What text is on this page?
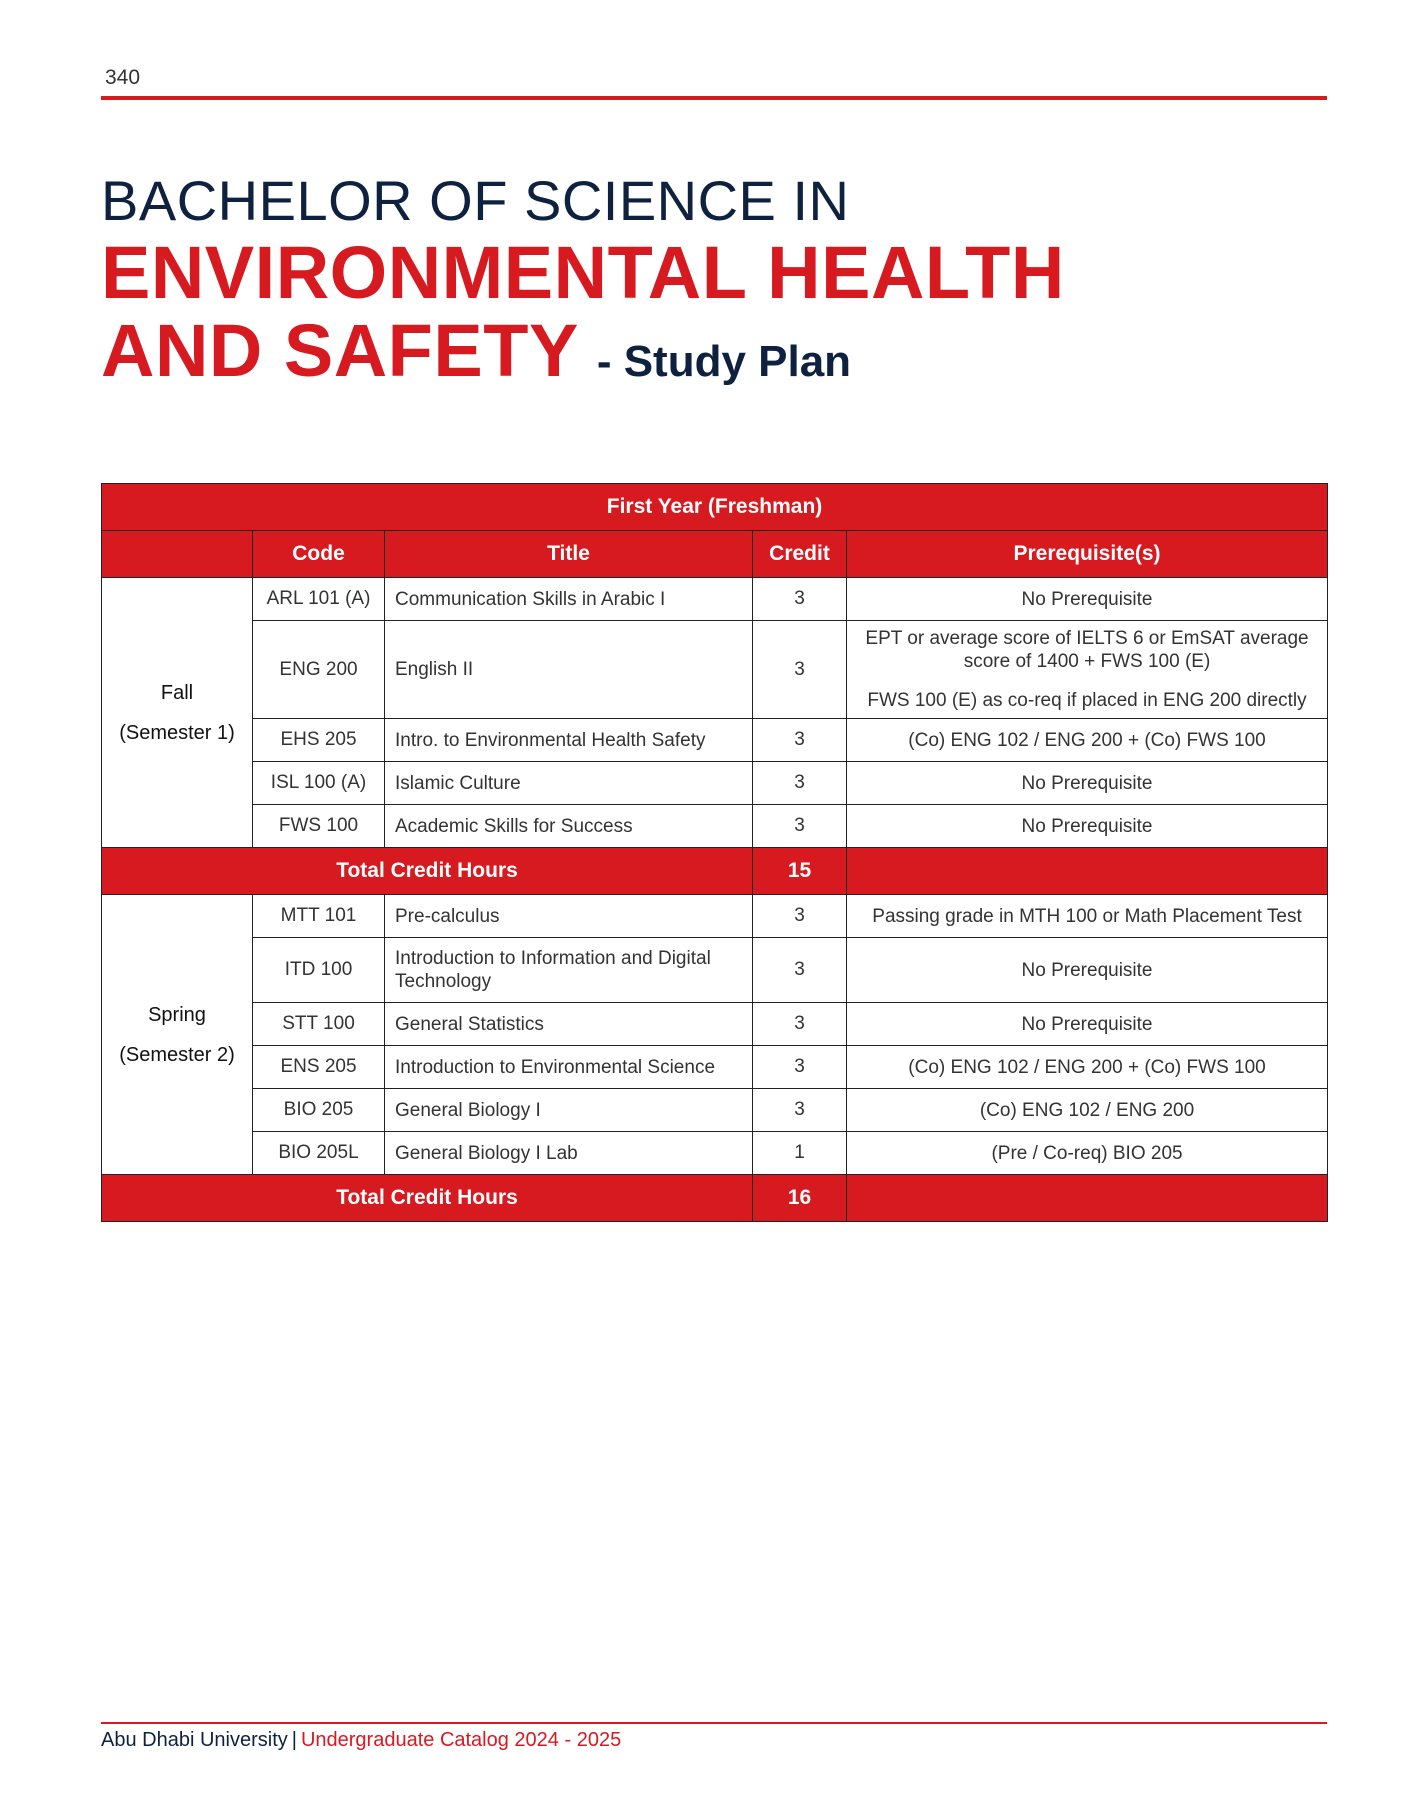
340
BACHELOR OF SCIENCE IN
ENVIRONMENTAL HEALTH
AND SAFETY - Study Plan
First Year (Freshman)				
	Code	Title	Credit	Prerequisite(s)

Fall
(Semester 1)	ARL 101 (A)	Communication Skills in Arabic I	3	No Prerequisite
	ENG 200	English II	3	EPT or average score of IELTS 6 or EmSAT average score of 1400 + FWS 100 (E)
FWS 100 (E) as co-req if placed in ENG 200 directly

	EHS 205	Intro. to Environmental Health Safety	3	(Co) ENG 102 / ENG 200 + (Co) FWS 100
	ISL 100 (A)	Islamic Culture	3	No Prerequisite
	FWS 100	Academic Skills for Success	3	No Prerequisite
Total Credit Hours			15	

Spring
(Semester 2)	MTT 101	Pre-calculus	3	Passing grade in MTH 100 or Math Placement Test
	ITD 100	Introduction to Information and Digital Technology	3	No Prerequisite
	STT 100	General Statistics	3	No Prerequisite
	ENS 205	Introduction to Environmental Science	3	(Co) ENG 102 / ENG 200 + (Co) FWS 100
	BIO 205	General Biology I	3	(Co) ENG 102 / ENG 200
	BIO 205L	General Biology I Lab	1	(Pre / Co-req) BIO 205
Total Credit Hours			16	
Abu Dhabi University | Undergraduate Catalog 2024 - 2025
